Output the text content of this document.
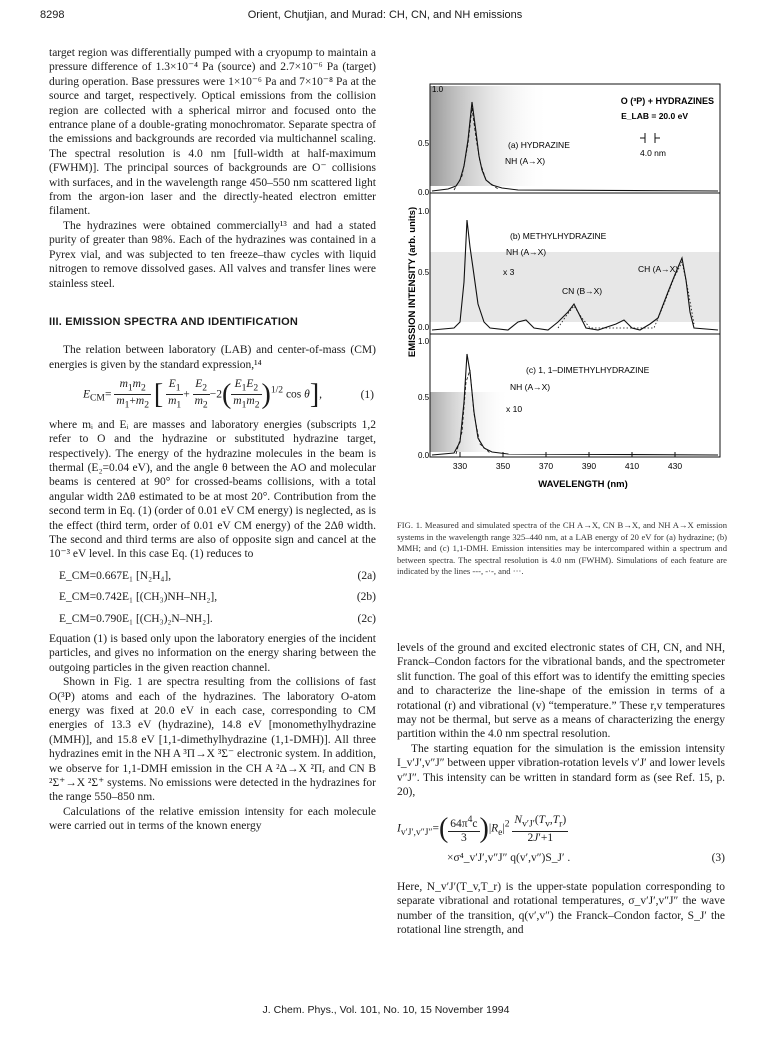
8298	Orient, Chutjian, and Murad: CH, CN, and NH emissions

target region was differentially pumped with a cryopump to maintain a pressure difference of 1.3×10⁻⁴ Pa (source) and 2.7×10⁻⁶ Pa (target) during operation. Base pressures were 1×10⁻⁶ Pa and 7×10⁻⁸ Pa at the source and target, respectively. Optical emissions from the collision region are collected with a spherical mirror and focused onto the entrance plane of a double-grating monochromator. Separate spectra of the emissions and backgrounds are recorded via multichannel scaling. The spectral resolution is 4.0 nm [full-width at half-maximum (FWHM)]. The principal sources of backgrounds are O⁻ collisions with surfaces, and in the wavelength range 450–550 nm scattered light from the argon-ion laser and the directly-heated electron emitter filament.

The hydrazines were obtained commercially¹³ and had a stated purity of greater than 98%. Each of the hydrazines was contained in a Pyrex vial, and was subjected to ten freeze–thaw cycles with liquid nitrogen to remove dissolved gases. All valves and transfer lines were stainless steel.

III. EMISSION SPECTRA AND IDENTIFICATION

The relation between laboratory (LAB) and center-of-mass (CM) energies is given by the standard expression,¹⁴

$E_{CM}= \frac{m_1m_2}{m_1+m_2}$ [ $\frac{E_1}{m_1} + \frac{E_2}{m_2} -2( \frac{E_1E_2}{m_1m_2} )^{1/2}$ cos θ],	(1)

where mᵢ and Eᵢ are masses and laboratory energies (subscripts 1,2 refer to O and the hydrazine or substituted hydrazine target, respectively). The energy of the hydrazine molecules in the beam is thermal (E₂=0.04 eV), and the angle θ between the AO and molecular beams is centered at 90° for crossed-beams collisions, with a total angular width 2Δθ estimated to be at most 20°. Contribution from the second term in Eq. (1) (order of 0.01 eV CM energy) is neglected, as is the effect (third term, order of 0.01 eV CM energy) of the 2Δθ width. The second and third terms are also of opposite sign and cancel at the 10⁻³ eV level. In this case Eq. (1) reduces to

E_CM=0.667E₁ [N₂H₄],	(2a)
E_CM=0.742E₁ [(CH₃)NH–NH₂],	(2b)
E_CM=0.790E₁ [(CH₃)₂N–NH₂].	(2c)

Equation (1) is based only upon the laboratory energies of the incident particles, and gives no information on the energy sharing between the outgoing particles in the given reaction channel.

Shown in Fig. 1 are spectra resulting from the collisions of fast O(³P) atoms and each of the hydrazines. The laboratory O-atom energy was fixed at 20.0 eV in each case, corresponding to CM energies of 13.3 eV (hydrazine), 14.8 eV [monomethylhydrazine (MMH)], and 15.8 eV [1,1-dimethylhydrazine (1,1-DMH)]. All three hydrazines emit in the NH A ³Π→X ³Σ⁻ electronic system. In addition, we observe for 1,1-DMH emission in the CH A ²Δ→X ²Πᵣ and CN B ²Σ⁺→X ²Σ⁺ systems. No emissions were detected in the hydrazines for the range 550–850 nm.

Calculations of the relative emission intensity for each molecule were carried out in terms of the known energy

EMISSION INTENSITY (arb. units)
1.0
0.5
0.0
1.0
0.5
0.0
1.0
0.5
0.0
330	350	370	390	410	430
WAVELENGTH (nm)
O (³P) + HYDRAZINES
E_LAB = 20.0 eV
4.0 nm
(a) HYDRAZINE
NH (A→X)
(b) METHYLHYDRAZINE
NH (A→X)
x 3
CN (B→X)
CH (A→X)
(c) 1, 1–DIMETHYLHYDRAZINE
NH (A→X)
x 10
FIG. 1. Measured and simulated spectra of the CH A→X, CN B→X, and NH A→X emission systems in the wavelength range 325–440 nm, at a LAB energy of 20 eV for (a) hydrazine; (b) MMH; and (c) 1,1-DMH. Emission intensities may be intercompared within a spectrum and between spectra. The spectral resolution is 4.0 nm (FWHM). Simulations of each feature are indicated by the lines ---, -·-, and ···.

levels of the ground and excited electronic states of CH, CN, and NH, Franck–Condon factors for the vibrational bands, and the spectrometer slit function. The goal of this effort was to identify the emitting species and to characterize the line-shape of the emission in terms of a rotational (r) and vibrational (v) “temperature.” These r,v temperatures may not be thermal, but serve as a means of characterizing the energy partition within the 4.0 nm spectral resolution.

The starting equation for the simulation is the emission intensity I_v′J′,v″J″ between upper vibration-rotation levels v′J′ and lower levels v″J″. This intensity can be written in standard form as (see Ref. 15, p. 20),

$I_{v'J',v''J''}=( \frac{64\pi^4c}{3} )|R_e|^2 \frac{N_{v'J'}(T_v,T_r)}{2J'+1}$
×σ⁴_v′J′,v″J″ q(v′,v″)S_J′ .	(3)

Here, N_v′J′(T_v,T_r) is the upper-state population corresponding to separate vibrational and rotational temperatures, σ_v′J′,v″J″ the wave number of the transition, q(v′,v″) the Franck–Condon factor, S_J′ the rotational line strength, and

J. Chem. Phys., Vol. 101, No. 10, 15 November 1994
